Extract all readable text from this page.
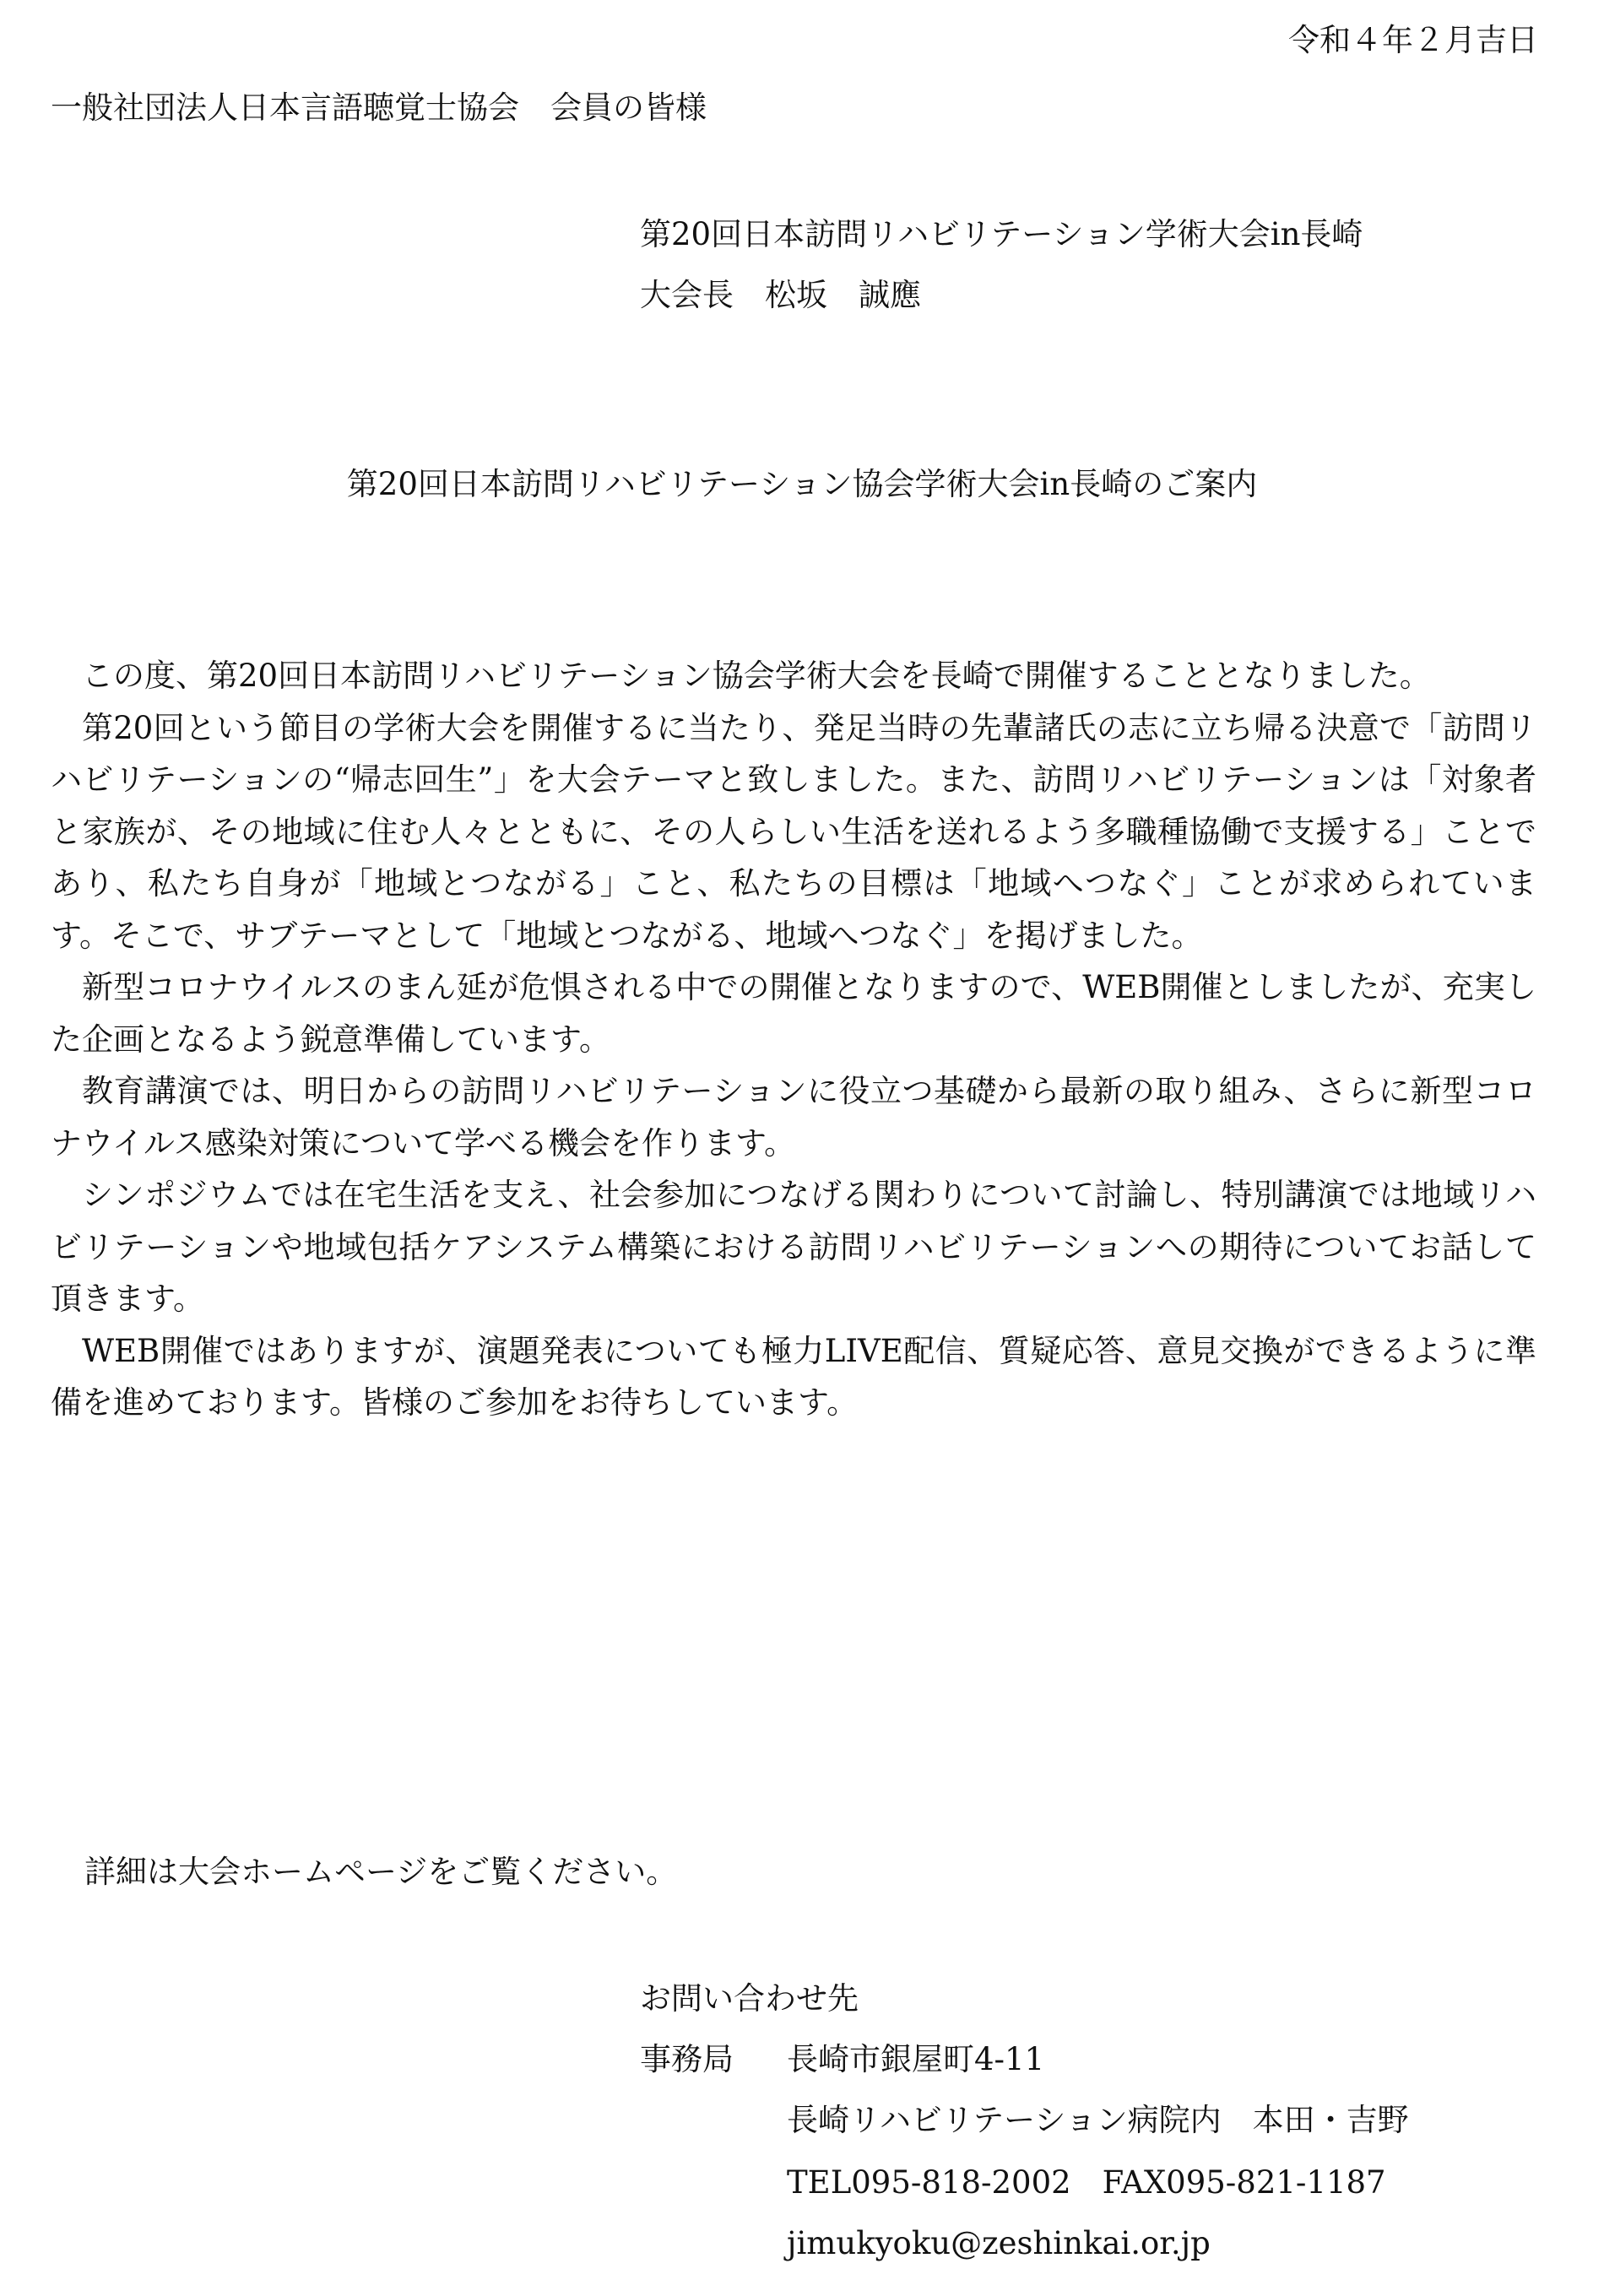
令和４年２月吉日
一般社団法人日本言語聴覚士協会　会員の皆様
第20回日本訪問リハビリテーション学術大会in長崎
大会長　松坂　誠應
第20回日本訪問リハビリテーション協会学術大会in長崎のご案内

この度、第20回日本訪問リハビリテーション協会学術大会を長崎で開催することとなりました。

第20回という節目の学術大会を開催するに当たり、発足当時の先輩諸氏の志に立ち帰る決意で「訪問リハビリテーションの“帰志回生”」を大会テーマと致しました。また、訪問リハビリテーションは「対象者と家族が、その地域に住む人々とともに、その人らしい生活を送れるよう多職種協働で支援する」ことであり、私たち自身が「地域とつながる」こと、私たちの目標は「地域へつなぐ」ことが求められています。そこで、サブテーマとして「地域とつながる、地域へつなぐ」を掲げました。

新型コロナウイルスのまん延が危惧される中での開催となりますので、WEB開催としましたが、充実した企画となるよう鋭意準備しています。

教育講演では、明日からの訪問リハビリテーションに役立つ基礎から最新の取り組み、さらに新型コロナウイルス感染対策について学べる機会を作ります。

シンポジウムでは在宅生活を支え、社会参加につなげる関わりについて討論し、特別講演では地域リハビリテーションや地域包括ケアシステム構築における訪問リハビリテーションへの期待についてお話して頂きます。

WEB開催ではありますが、演題発表についても極力LIVE配信、質疑応答、意見交換ができるように準備を進めております。皆様のご参加をお待ちしています。

詳細は大会ホームページをご覧ください。
お問い合わせ先
事務局 長崎市銀屋町4-11
長崎リハビリテーション病院内　本田・吉野
TEL095-818-2002　FAX095-821-1187
jimukyoku@zeshinkai.or.jp
